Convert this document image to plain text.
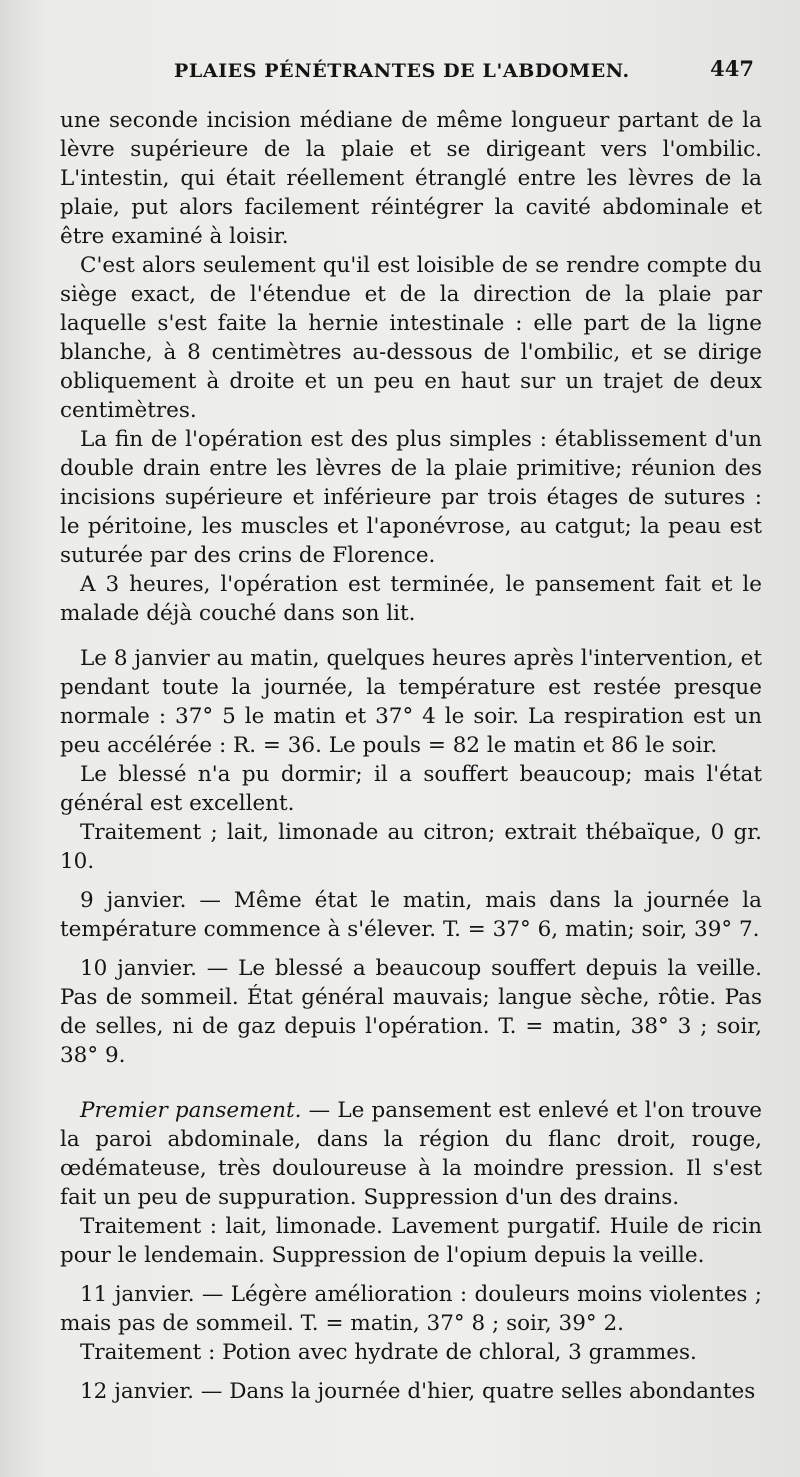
PLAIES PÉNÉTRANTES DE L'ABDOMEN.	447

une seconde incision médiane de même longueur partant de la lèvre supérieure de la plaie et se dirigeant vers l'ombilic. L'intestin, qui était réellement étranglé entre les lèvres de la plaie, put alors facilement réintégrer la cavité abdominale et être examiné à loisir.

C'est alors seulement qu'il est loisible de se rendre compte du siège exact, de l'étendue et de la direction de la plaie par laquelle s'est faite la hernie intestinale : elle part de la ligne blanche, à 8 centimètres au-dessous de l'ombilic, et se dirige obliquement à droite et un peu en haut sur un trajet de deux centimètres.

La fin de l'opération est des plus simples : établissement d'un double drain entre les lèvres de la plaie primitive; réunion des incisions supérieure et inférieure par trois étages de sutures : le péritoine, les muscles et l'aponévrose, au catgut; la peau est suturée par des crins de Florence.

A 3 heures, l'opération est terminée, le pansement fait et le malade déjà couché dans son lit.

Le 8 janvier au matin, quelques heures après l'intervention, et pendant toute la journée, la température est restée presque normale : 37° 5 le matin et 37° 4 le soir. La respiration est un peu accélérée : R. = 36. Le pouls = 82 le matin et 86 le soir.

Le blessé n'a pu dormir; il a souffert beaucoup; mais l'état général est excellent.

Traitement ; lait, limonade au citron; extrait thébaïque, 0 gr. 10.

9 janvier. — Même état le matin, mais dans la journée la température commence à s'élever. T. = 37° 6, matin; soir, 39° 7.

10 janvier. — Le blessé a beaucoup souffert depuis la veille. Pas de sommeil. État général mauvais; langue sèche, rôtie. Pas de selles, ni de gaz depuis l'opération. T. = matin, 38° 3 ; soir, 38° 9.

Premier pansement. — Le pansement est enlevé et l'on trouve la paroi abdominale, dans la région du flanc droit, rouge, œdémateuse, très douloureuse à la moindre pression. Il s'est fait un peu de suppuration. Suppression d'un des drains.

Traitement : lait, limonade. Lavement purgatif. Huile de ricin pour le lendemain. Suppression de l'opium depuis la veille.

11 janvier. — Légère amélioration : douleurs moins violentes ; mais pas de sommeil. T. = matin, 37° 8 ; soir, 39° 2.

Traitement : Potion avec hydrate de chloral, 3 grammes.

12 janvier. — Dans la journée d'hier, quatre selles abondantes
